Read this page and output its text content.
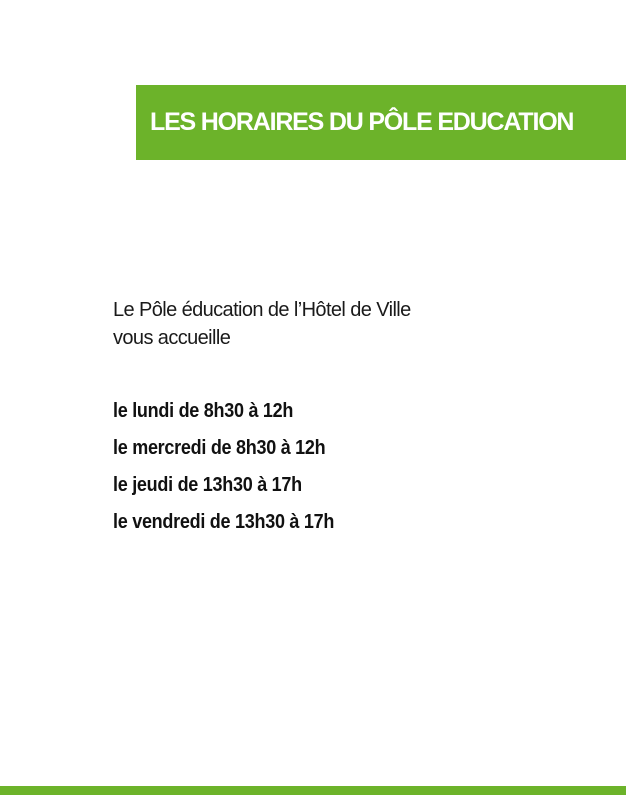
LES HORAIRES DU PÔLE EDUCATION

Le Pôle éducation de l’Hôtel de Ville
vous accueille

le lundi de 8h30 à 12h
le mercredi de 8h30 à 12h
le jeudi de 13h30 à 17h
le vendredi de 13h30 à 17h
